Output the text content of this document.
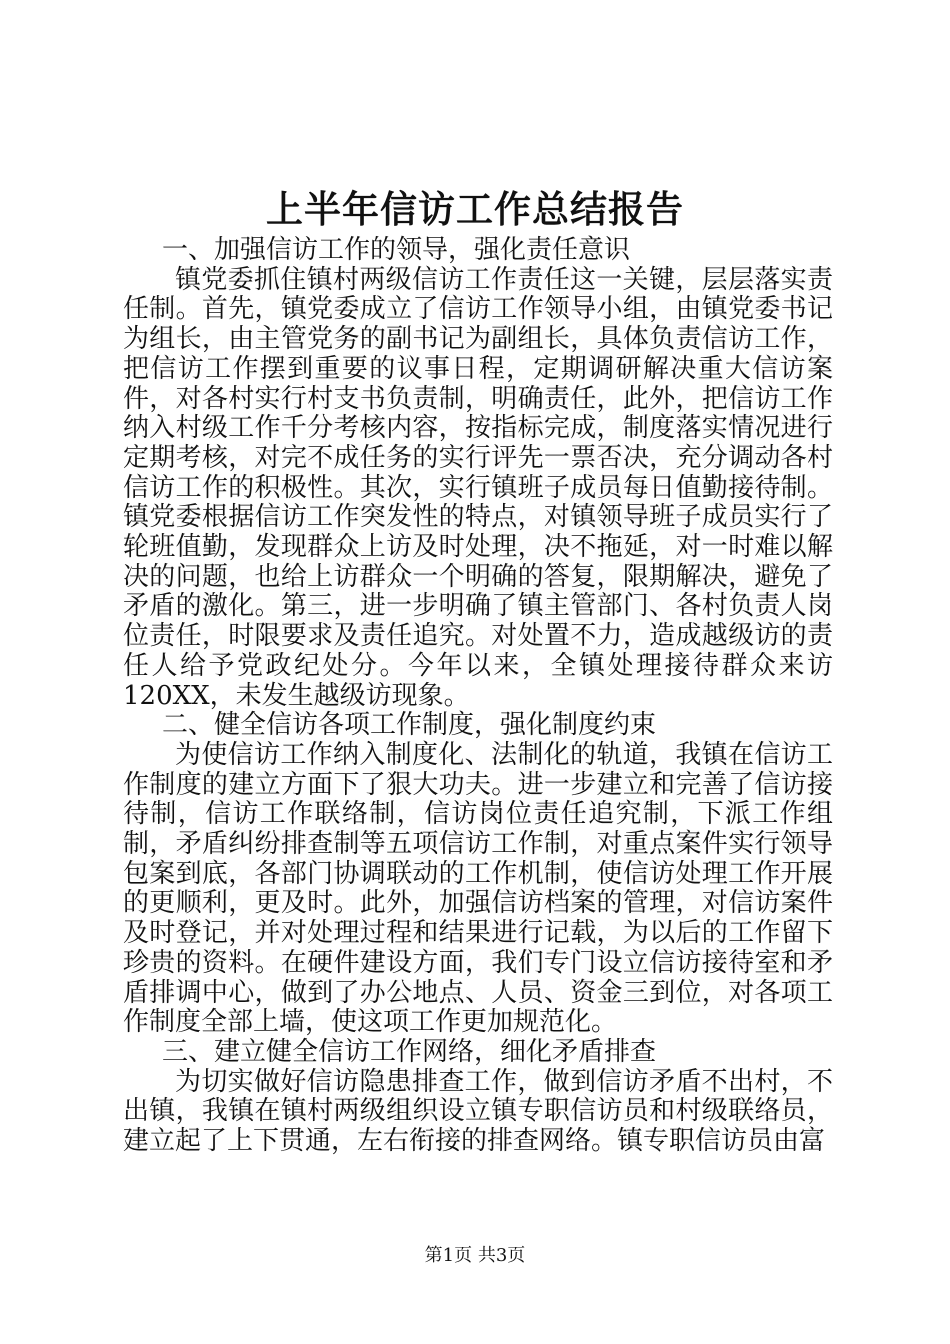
上半年信访工作总结报告

一、加强信访工作的领导，强化责任意识

镇党委抓住镇村两级信访工作责任这一关键，层层落实责任制。首先，镇党委成立了信访工作领导小组，由镇党委书记为组长，由主管党务的副书记为副组长，具体负责信访工作，把信访工作摆到重要的议事日程，定期调研解决重大信访案件，对各村实行村支书负责制，明确责任，此外，把信访工作纳入村级工作千分考核内容，按指标完成，制度落实情况进行定期考核，对完不成任务的实行评先一票否决，充分调动各村信访工作的积极性。其次，实行镇班子成员每日值勤接待制。镇党委根据信访工作突发性的特点，对镇领导班子成员实行了轮班值勤，发现群众上访及时处理，决不拖延，对一时难以解决的问题，也给上访群众一个明确的答复，限期解决，避免了矛盾的激化。第三，进一步明确了镇主管部门、各村负责人岗位责任，时限要求及责任追究。对处置不力，造成越级访的责任人给予党政纪处分。今年以来，全镇处理接待群众来访120XX，未发生越级访现象。

二、健全信访各项工作制度，强化制度约束

为使信访工作纳入制度化、法制化的轨道，我镇在信访工作制度的建立方面下了狠大功夫。进一步建立和完善了信访接待制，信访工作联络制，信访岗位责任追究制，下派工作组制，矛盾纠纷排查制等五项信访工作制，对重点案件实行领导包案到底，各部门协调联动的工作机制，使信访处理工作开展的更顺利，更及时。此外，加强信访档案的管理，对信访案件及时登记，并对处理过程和结果进行记载，为以后的工作留下珍贵的资料。在硬件建设方面，我们专门设立信访接待室和矛盾排调中心，做到了办公地点、人员、资金三到位，对各项工作制度全部上墙，使这项工作更加规范化。

三、建立健全信访工作网络，细化矛盾排查

为切实做好信访隐患排查工作，做到信访矛盾不出村，不出镇，我镇在镇村两级组织设立镇专职信访员和村级联络员，建立起了上下贯通，左右衔接的排查网络。镇专职信访员由富

第1页 共3页
